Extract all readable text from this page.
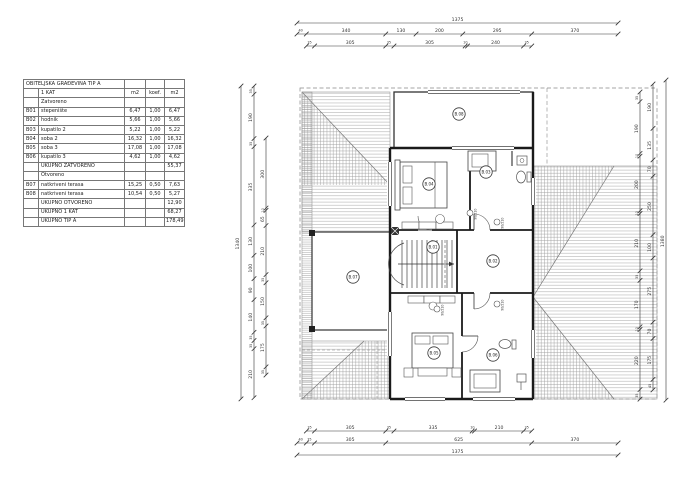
OBITELJSKA GRAĐEVINA TIP A				
	1 KAT	m2	koef.	m2
	Zatvoreno			
B01	stepenište	6,47	1,00	6,47
B02	hodnik	5,66	1,00	5,66
B03	kupatilo 2	5,22	1,00	5,22
B04	soba 2	16,32	1,00	16,32
B05	soba 3	17,08	1,00	17,08
B06	kupatilo 3	4,62	1,00	4,62
	UKUPNO ZATVORENO			55,37
	Otvoreno			
B07	natkriveni terasa	15,25	0,50	7,63
B08	natkriveni terasa	10,54	0,50	5,27
	UKUPNO OTVORENO			12,90
	UKUPNO 1 KAT			68,27
	UKUPNO TIP A			178,49
90/210
90/210
90/210
90/210
B.01
B.02
B.03
B.04
B.05	B.06
B.07
B.08
1375
40	340	130	200	295	370
35	305	35	305	10	240	35
35	305	35	335	10	210	35
40 35	305	625	370
1375
1340
35
190
35
335
130
100
90
140
35
35
210
300
10
65
210
35
150
35
175
35
35
190
10
200
10
210
35
170
10
220
35
190
135
70
250
100
275
70
175
45
1380
